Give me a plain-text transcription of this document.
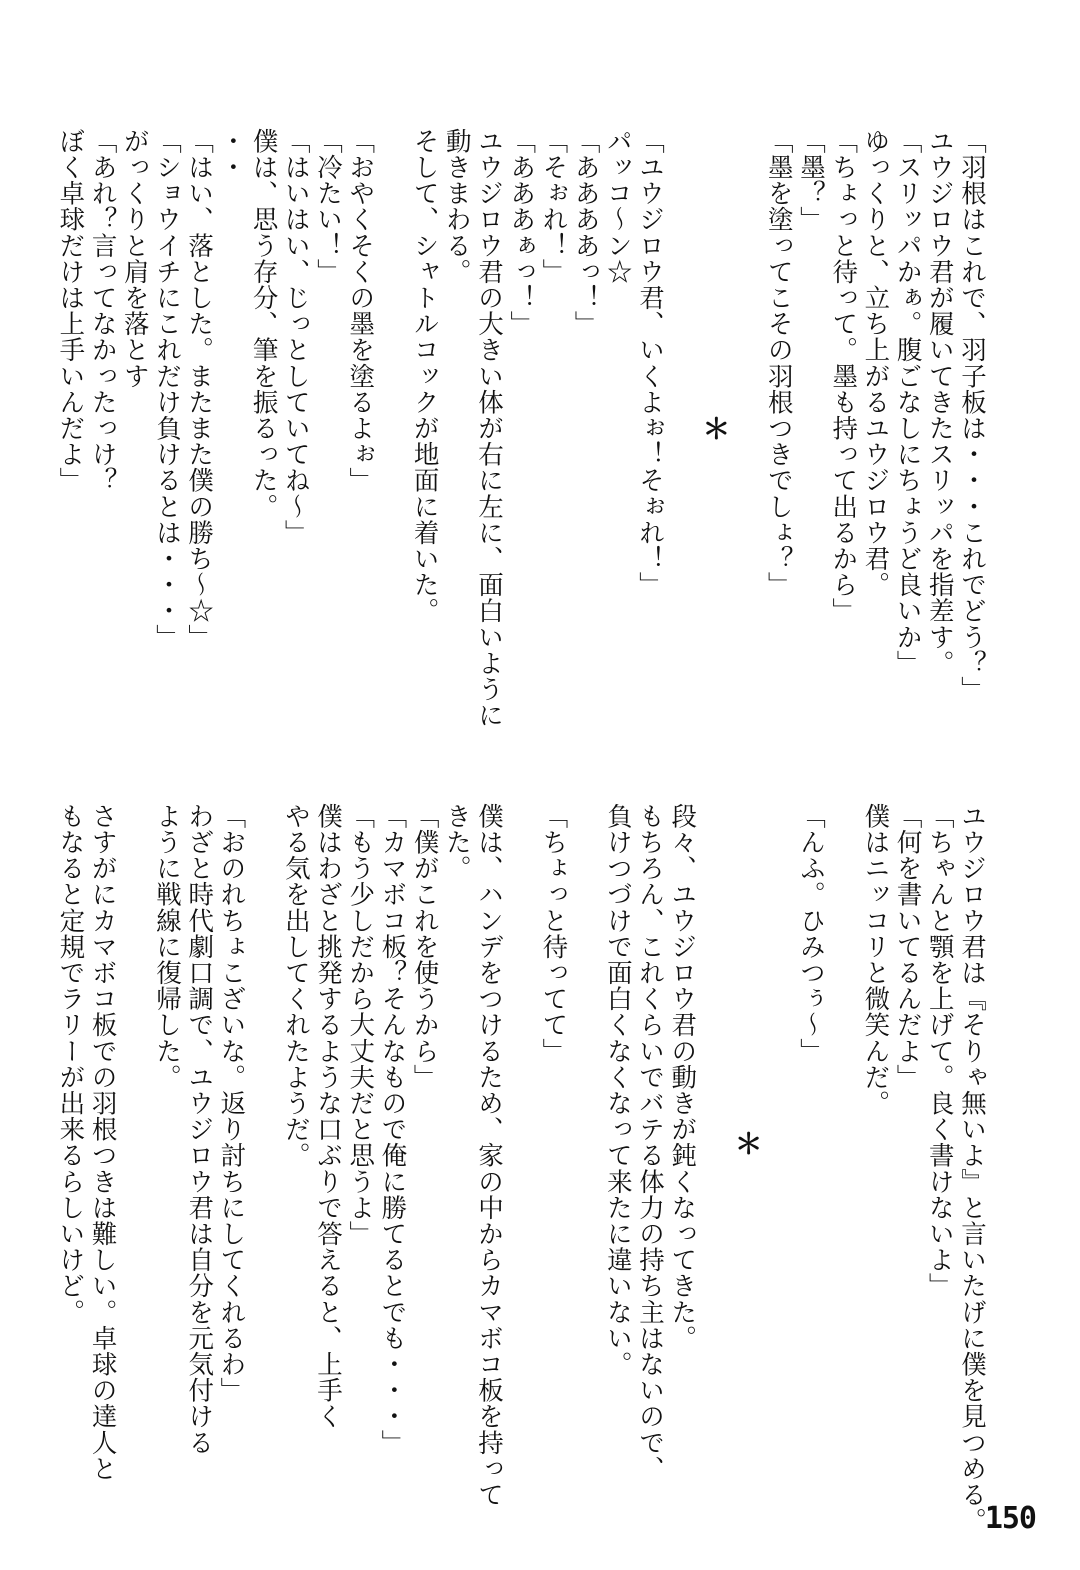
「羽根はこれで、羽子板は・・・これでどう？」
ユウジロウ君が履いてきたスリッパを指差す。
「スリッパかぁ。腹ごなしにちょうど良いか」
ゆっくりと、立ち上がるユウジロウ君。
「ちょっと待って。墨も持って出るから」
「墨？」
「墨を塗ってこその羽根つきでしょ？」
＊
「ユウジロウ君、いくよぉ！そぉれ！」
パッコ～ン☆
「ああああっ！」
「そぉれ！」
「あああぁっ！」
ユウジロウ君の大きい体が右に左に、面白いように
動きまわる。
そして、シャトルコックが地面に着いた。
「おやくそくの墨を塗るよぉ」
「冷たい！」
「はいはい、じっとしていてね～」
僕は、思う存分、筆を振るった。
・・
「はい、落とした。またまた僕の勝ち～☆」
「ショウイチにこれだけ負けるとは・・・」
がっくりと肩を落とす
「あれ？言ってなかったっけ？
ぼく卓球だけは上手いんだよ」
ユウジロウ君は『そりゃ無いよ』と言いたげに僕を見つめる。
「ちゃんと顎を上げて。良く書けないよ」
「何を書いてるんだよ」
僕はニッコリと微笑んだ。
「んふ。ひみつぅ～」
＊
段々、ユウジロウ君の動きが鈍くなってきた。
もちろん、これくらいでバテる体力の持ち主はないので、
負けつづけで面白くなくなって来たに違いない。
「ちょっと待ってて」
僕は、ハンデをつけるため、家の中からカマボコ板を持って
きた。
「僕がこれを使うから」
「カマボコ板？そんなもので俺に勝てるとでも・・・」
「もう少しだから大丈夫だと思うよ」
僕はわざと挑発するような口ぶりで答えると、上手く
やる気を出してくれたようだ。
「おのれちょこざいな。返り討ちにしてくれるわ」
わざと時代劇口調で、ユウジロウ君は自分を元気付ける
ように戦線に復帰した。
さすがにカマボコ板での羽根つきは難しい。卓球の達人と
もなると定規でラリーが出来るらしいけど。
150
